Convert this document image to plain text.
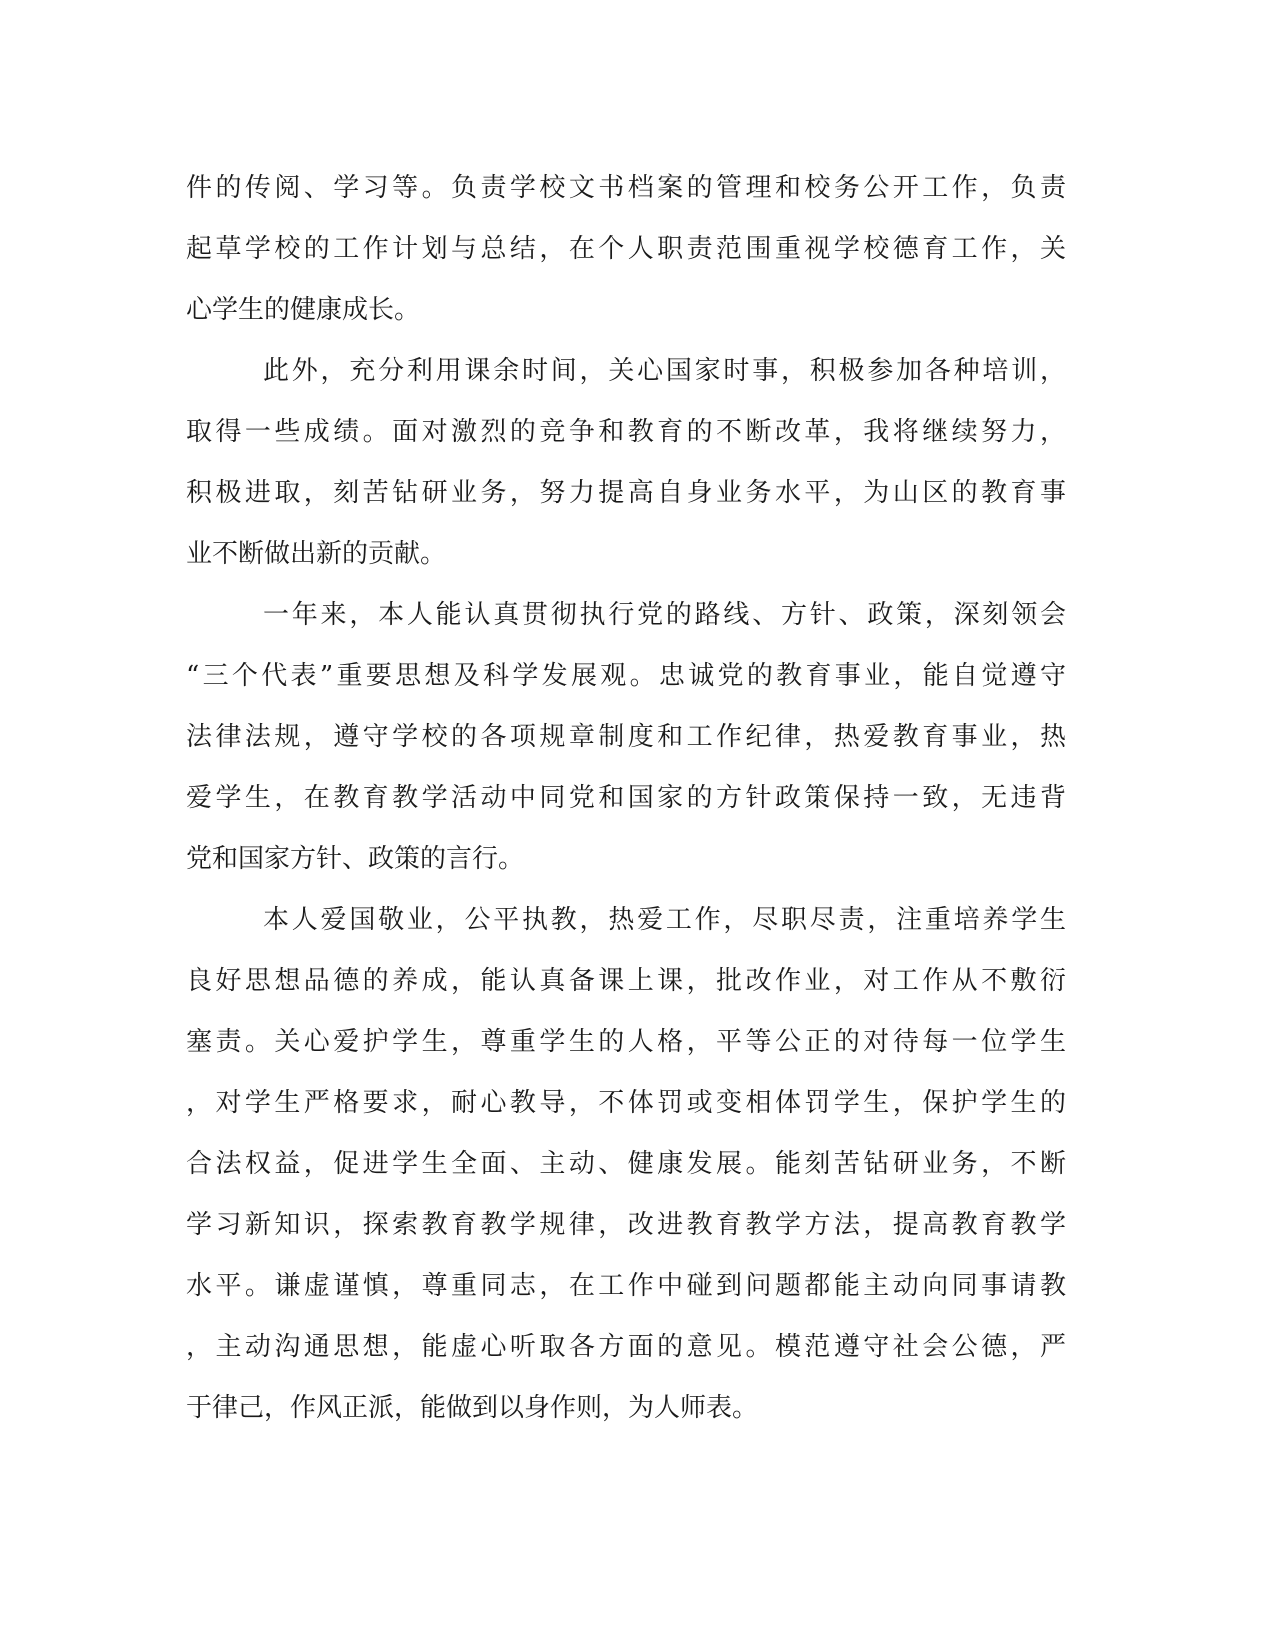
件的传阅、学习等。负责学校文书档案的管理和校务公开工作，负责
起草学校的工作计划与总结，在个人职责范围重视学校德育工作，关
心学生的健康成长。
此外，充分利用课余时间，关心国家时事，积极参加各种培训，
取得一些成绩。面对激烈的竞争和教育的不断改革，我将继续努力，
积极进取，刻苦钻研业务，努力提高自身业务水平，为山区的教育事
业不断做出新的贡献。
一年来，本人能认真贯彻执行党的路线、方针、政策，深刻领会
“三个代表”重要思想及科学发展观。忠诚党的教育事业，能自觉遵守
法律法规，遵守学校的各项规章制度和工作纪律，热爱教育事业，热
爱学生，在教育教学活动中同党和国家的方针政策保持一致，无违背
党和国家方针、政策的言行。
本人爱国敬业，公平执教，热爱工作，尽职尽责，注重培养学生
良好思想品德的养成，能认真备课上课，批改作业，对工作从不敷衍
塞责。关心爱护学生，尊重学生的人格，平等公正的对待每一位学生
，对学生严格要求，耐心教导，不体罚或变相体罚学生，保护学生的
合法权益，促进学生全面、主动、健康发展。能刻苦钻研业务，不断
学习新知识，探索教育教学规律，改进教育教学方法，提高教育教学
水平。谦虚谨慎，尊重同志，在工作中碰到问题都能主动向同事请教
，主动沟通思想，能虚心听取各方面的意见。模范遵守社会公德，严
于律己，作风正派，能做到以身作则，为人师表。
